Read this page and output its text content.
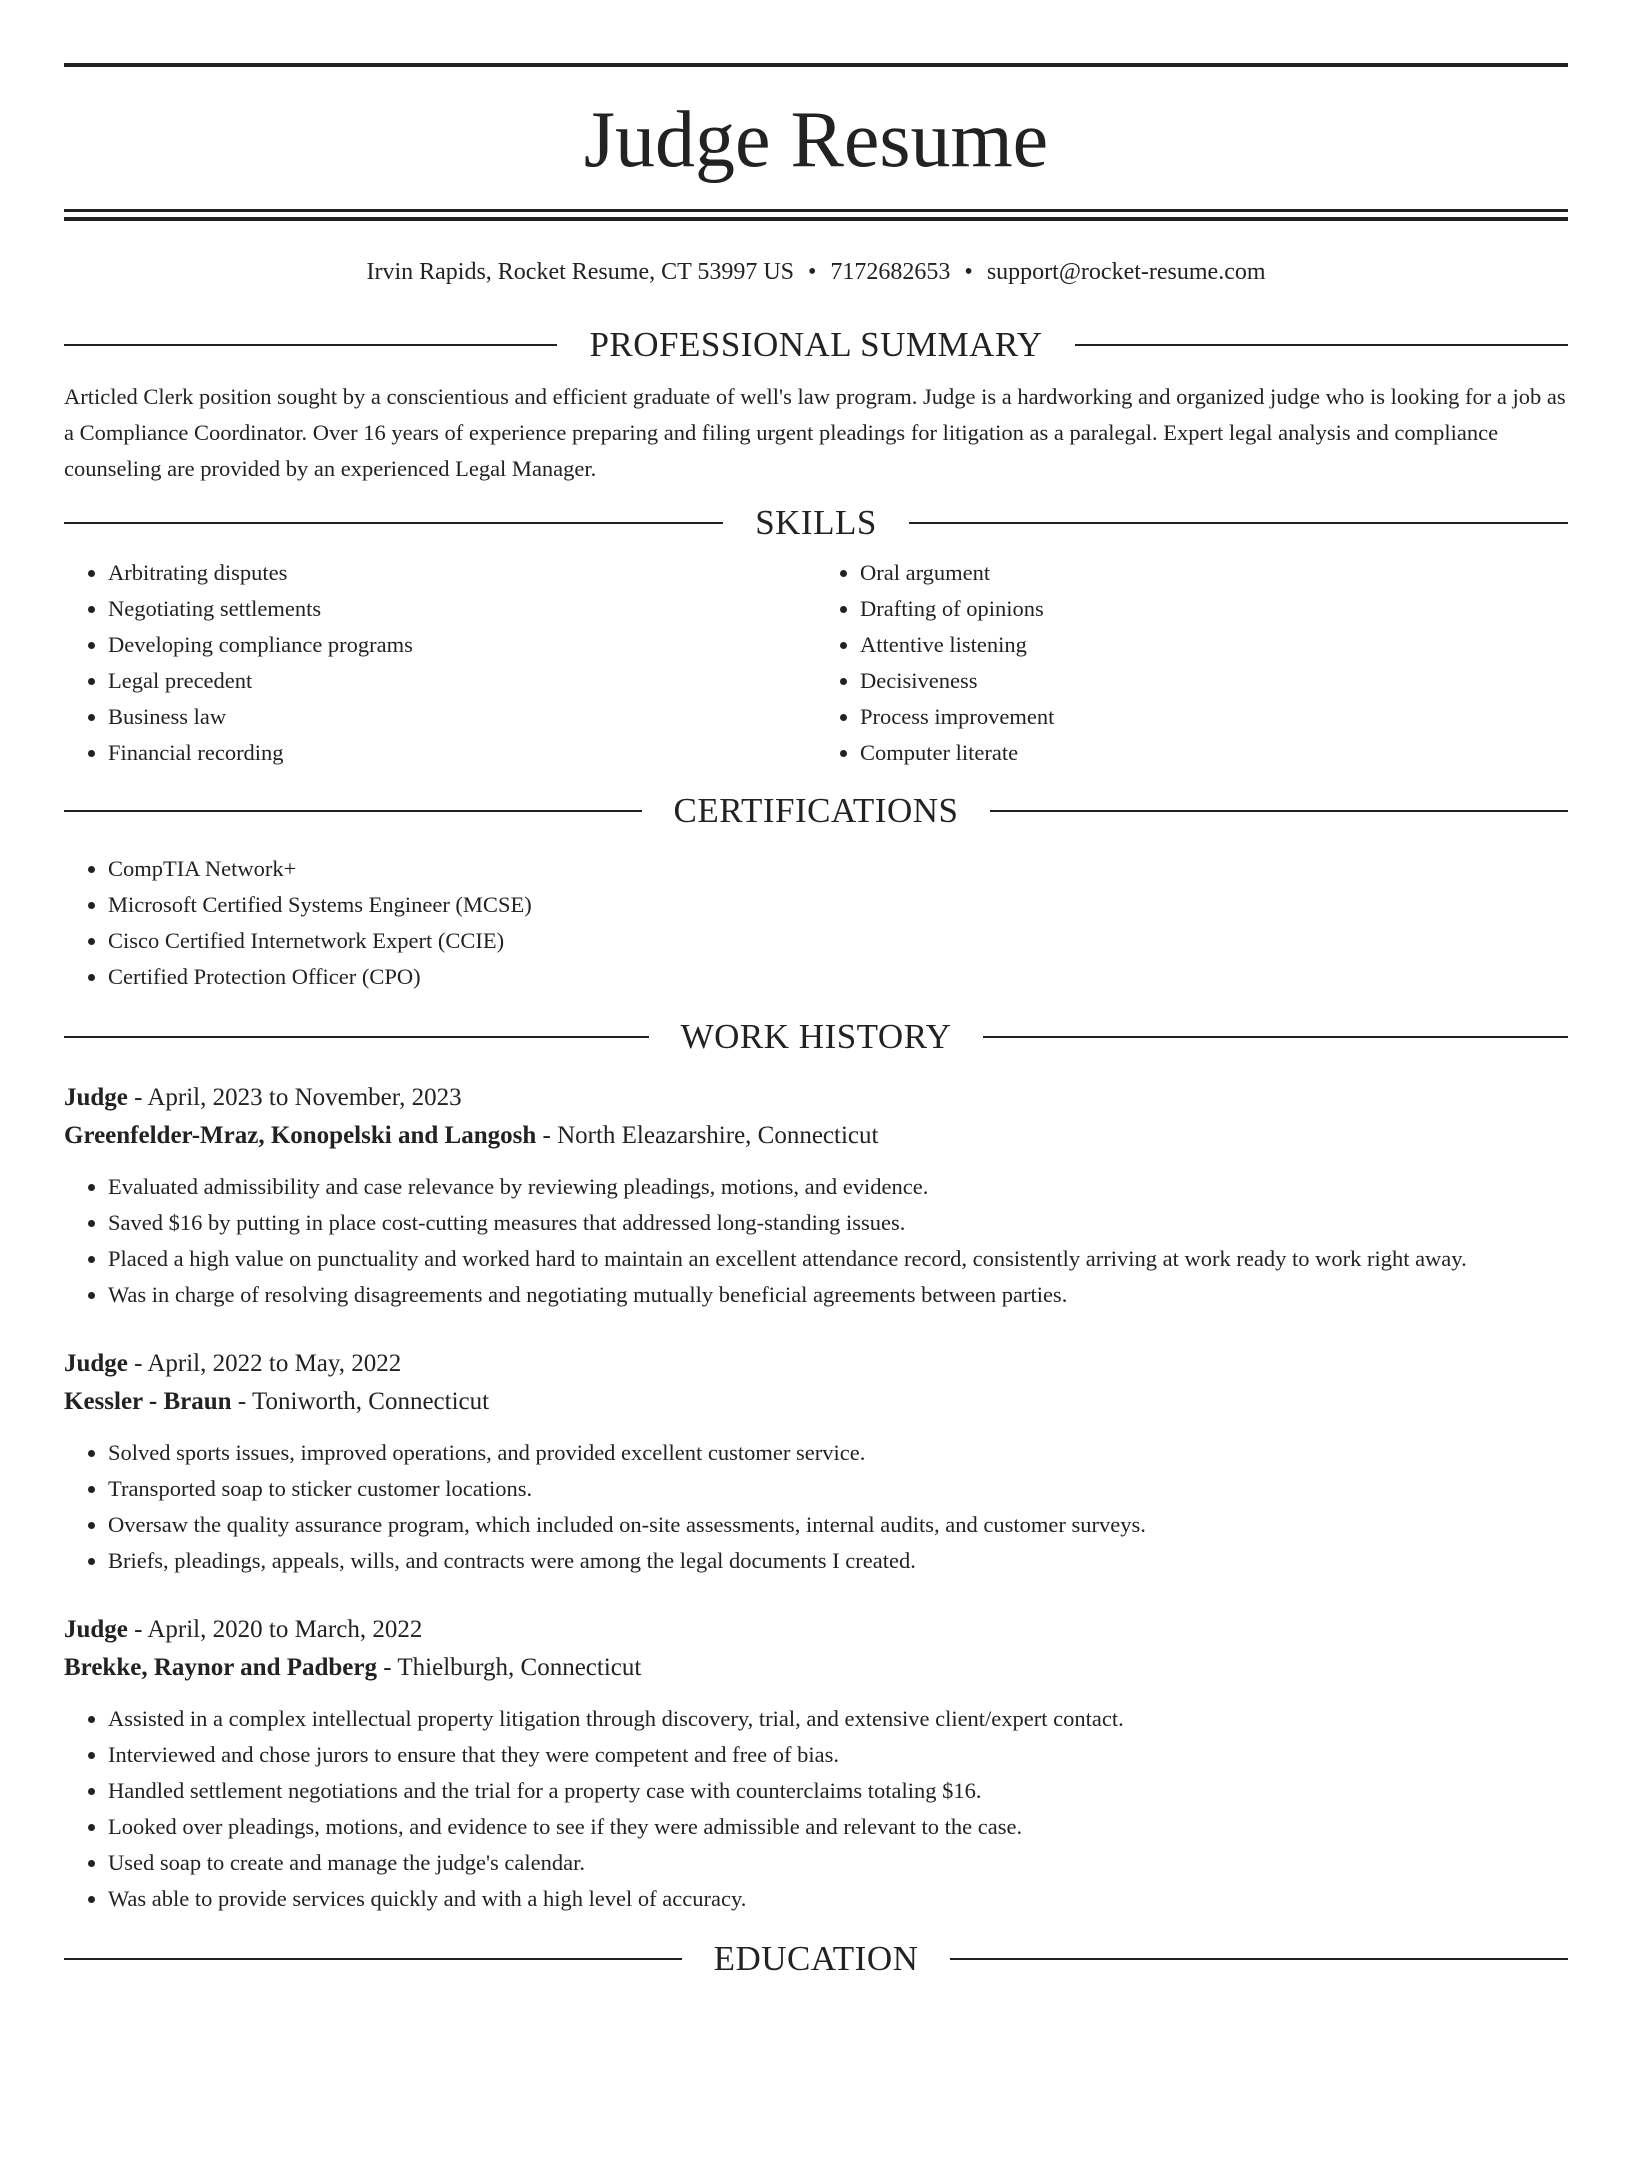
Judge Resume
Irvin Rapids, Rocket Resume, CT 53997 US • 7172682653 • support@rocket-resume.com
PROFESSIONAL SUMMARY

Articled Clerk position sought by a conscientious and efficient graduate of well's law program. Judge is a hardworking and organized judge who is looking for a job as a Compliance Coordinator. Over 16 years of experience preparing and filing urgent pleadings for litigation as a paralegal. Expert legal analysis and compliance counseling are provided by an experienced Legal Manager.

SKILLS
• Arbitrating disputes
• Negotiating settlements
• Developing compliance programs
• Legal precedent
• Business law
• Financial recording
• Oral argument
• Drafting of opinions
• Attentive listening
• Decisiveness
• Process improvement
• Computer literate
CERTIFICATIONS
• CompTIA Network+
• Microsoft Certified Systems Engineer (MCSE)
• Cisco Certified Internetwork Expert (CCIE)
• Certified Protection Officer (CPO)
WORK HISTORY
Judge - April, 2023 to November, 2023
Greenfelder-Mraz, Konopelski and Langosh - North Eleazarshire, Connecticut
• Evaluated admissibility and case relevance by reviewing pleadings, motions, and evidence.
• Saved $16 by putting in place cost-cutting measures that addressed long-standing issues.
• Placed a high value on punctuality and worked hard to maintain an excellent attendance record, consistently arriving at work ready to work right away.
• Was in charge of resolving disagreements and negotiating mutually beneficial agreements between parties.
Judge - April, 2022 to May, 2022
Kessler - Braun - Toniworth, Connecticut
• Solved sports issues, improved operations, and provided excellent customer service.
• Transported soap to sticker customer locations.
• Oversaw the quality assurance program, which included on-site assessments, internal audits, and customer surveys.
• Briefs, pleadings, appeals, wills, and contracts were among the legal documents I created.
Judge - April, 2020 to March, 2022
Brekke, Raynor and Padberg - Thielburgh, Connecticut
• Assisted in a complex intellectual property litigation through discovery, trial, and extensive client/expert contact.
• Interviewed and chose jurors to ensure that they were competent and free of bias.
• Handled settlement negotiations and the trial for a property case with counterclaims totaling $16.
• Looked over pleadings, motions, and evidence to see if they were admissible and relevant to the case.
• Used soap to create and manage the judge's calendar.
• Was able to provide services quickly and with a high level of accuracy.
EDUCATION
